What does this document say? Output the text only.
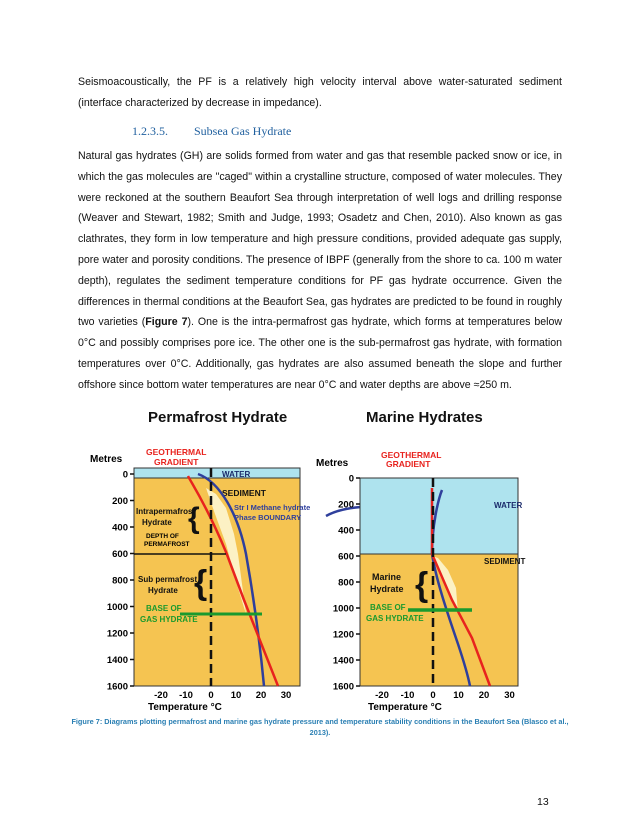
Seismoacoustically, the PF is a relatively high velocity interval above water-saturated sediment (interface characterized by decrease in impedance).

1.2.3.5. Subsea Gas Hydrate

Natural gas hydrates (GH) are solids formed from water and gas that resemble packed snow or ice, in which the gas molecules are "caged" within a crystalline structure, composed of water molecules. They were reckoned at the southern Beaufort Sea through interpretation of well logs and drilling response (Weaver and Stewart, 1982; Smith and Judge, 1993; Osadetz and Chen, 2010). Also known as gas clathrates, they form in low temperature and high pressure conditions, provided adequate gas supply, pore water and porosity conditions. The presence of IBPF (generally from the shore to ca. 100 m water depth), regulates the sediment temperature conditions for PF gas hydrate occurrence. Given the differences in thermal conditions at the Beaufort Sea, gas hydrates are predicted to be found in roughly two varieties (Figure 7). One is the intra-permafrost gas hydrate, which forms at temperatures below 0°C and possibly comprises pore ice. The other one is the sub-permafrost gas hydrate, with formation temperatures over 0°C. Additionally, gas hydrates are also assumed beneath the slope and further offshore since bottom water temperatures are near 0°C and water depths are above ≈250 m.

Permafrost Hydrate
Metres
WATER
SEDIMENT
GEOTHERMAL
GRADIENT
DEPTH OF
PERMAFROST
BASE OF
GAS HYDRATE
{
{
Intrapermafrost
Hydrate
Sub permafrost
Hydrate
Str I Methane hydrate
Phase BOUNDARY
0
200
400
600
800
1000
1200
1400
1600
-20 -10 0 10 20 30
Temperature °C
Marine Hydrates
Metres
WATER
SEDIMENT
GEOTHERMAL
GRADIENT
BASE OF
GAS HYDRATE
{
Marine
Hydrate
0
200
400
600
800
1000
1200
1400
1600
-20 -10 0 10 20 30
Temperature °C

Figure 7: Diagrams plotting permafrost and marine gas hydrate pressure and temperature stability conditions in the Beaufort Sea (Blasco et al., 2013).

13
